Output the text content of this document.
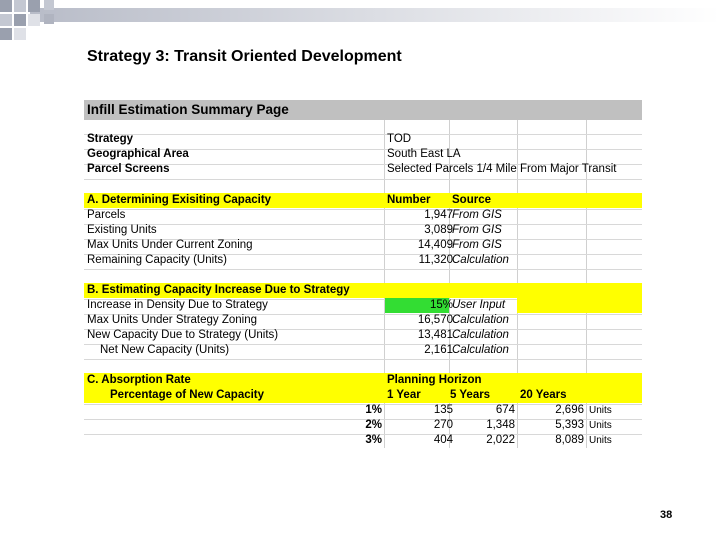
Strategy 3: Transit Oriented Development
Infill Estimation Summary Page
Strategy	TOD
Geographical Area	South East LA
Parcel Screens	Selected Parcels 1/4 Mile From Major Transit
A. Determining Exisiting Capacity	Number Source
Parcels	1,947 From GIS
Existing Units	3,089 From GIS
Max Units Under Current Zoning	14,409 From GIS
Remaining Capacity (Units)	11,320 Calculation
B. Estimating Capacity Increase Due to Strategy
Increase in Density Due to Strategy	15% User Input
Max Units Under Strategy Zoning	16,570 Calculation
New Capacity Due to Strategy (Units)	13,481 Calculation
Net New Capacity (Units)	2,161 Calculation
C. Absorption Rate	Planning Horizon
Percentage of New Capacity	1 Year	5 Years	20 Years
1%	135	674	2,696 Units
2%	270	1,348	5,393 Units
3%	404	2,022	8,089 Units
38
